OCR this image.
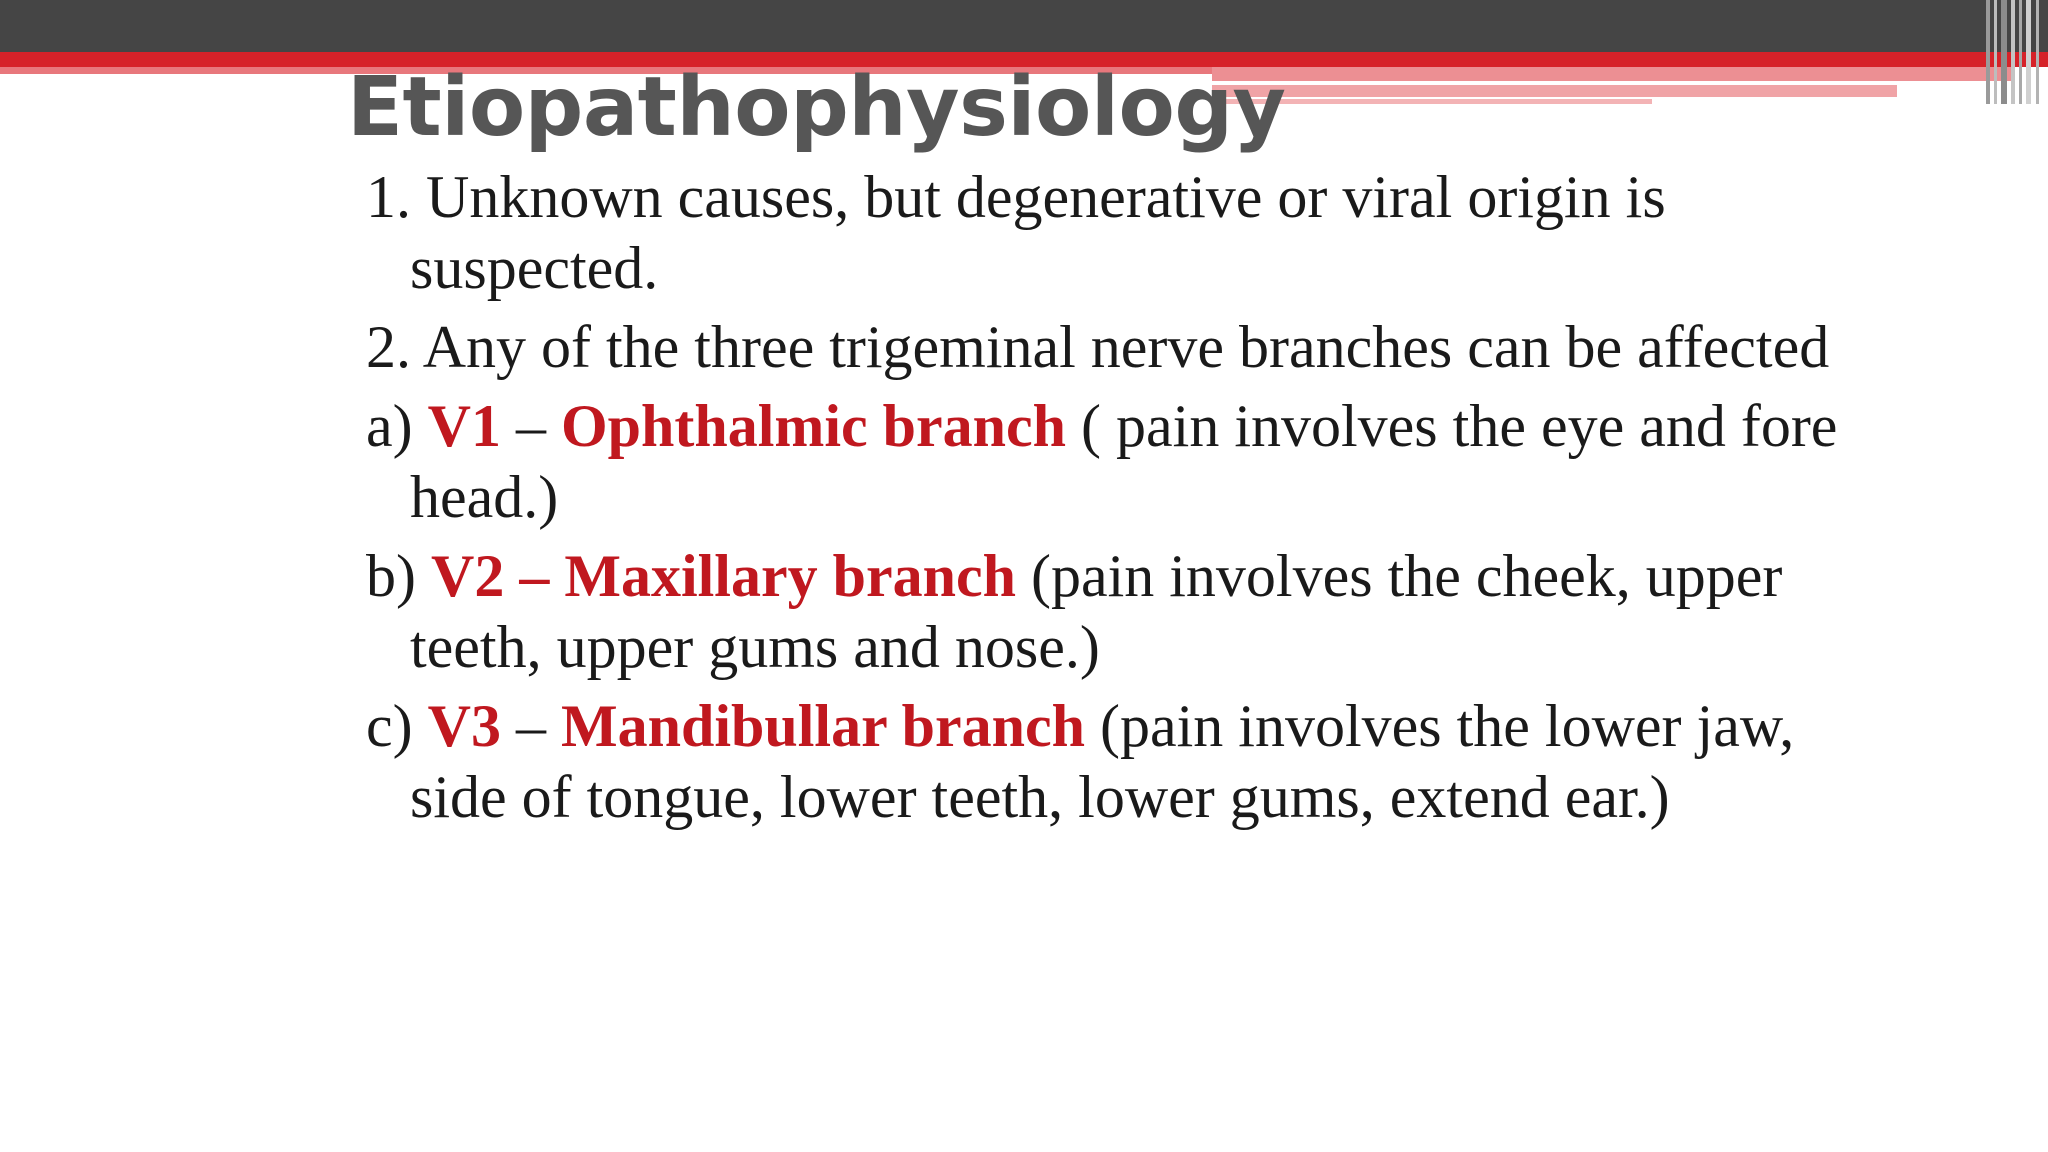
Etiopathophysiology
1. Unknown causes, but degenerative or viral origin is suspected.
2. Any of the three trigeminal nerve branches can be affected
a) V1 – Ophthalmic branch ( pain involves the eye and fore head.)
b) V2 – Maxillary branch (pain involves the cheek, upper teeth, upper gums and nose.)
c) V3 – Mandibullar branch (pain involves the lower jaw, side of tongue, lower teeth, lower gums, extend ear.)
